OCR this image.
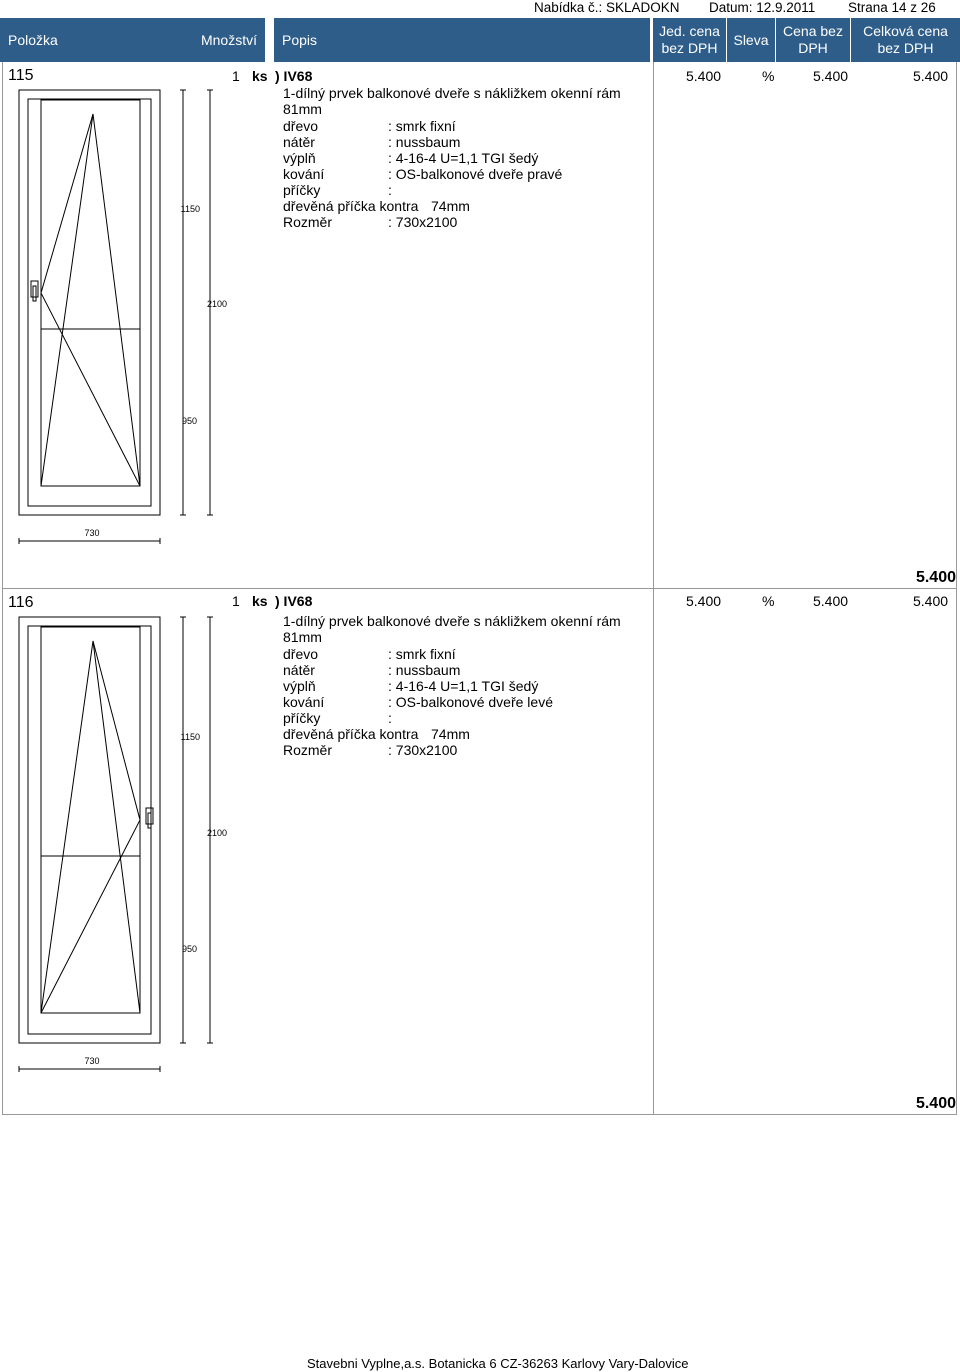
Nabídka č.: SKLADOKN Datum: 12.9.2011 Strana 14 z 26
Položka	Množství	Popis
Jed. cena
bez DPH
Sleva
Cena bez
DPH
Celková cena
bez DPH
115	1 ks ) IV68	5.400	%	5.400	5.400
1-dílný prvek balkonové dveře s nákližkem okenní rám
81mm
dřevo	: smrk fixní
nátěr	: nussbaum
výplň	: 4-16-4 U=1,1 TGI šedý
kování	: OS-balkonové dveře pravé
příčky	:
dřevěná příčka kontra 74mm
Rozměr	: 730x2100
1150
2100
950
730
5.400
116	1 ks ) IV68	5.400	%	5.400	5.400
1-dílný prvek balkonové dveře s nákližkem okenní rám
81mm
dřevo	: smrk fixní
nátěr	: nussbaum
výplň	: 4-16-4 U=1,1 TGI šedý
kování	: OS-balkonové dveře levé
příčky	:
dřevěná příčka kontra 74mm
Rozměr	: 730x2100
1150
2100
950
730
5.400
Stavebni Vyplne,a.s. Botanicka 6 CZ-36263 Karlovy Vary-Dalovice
